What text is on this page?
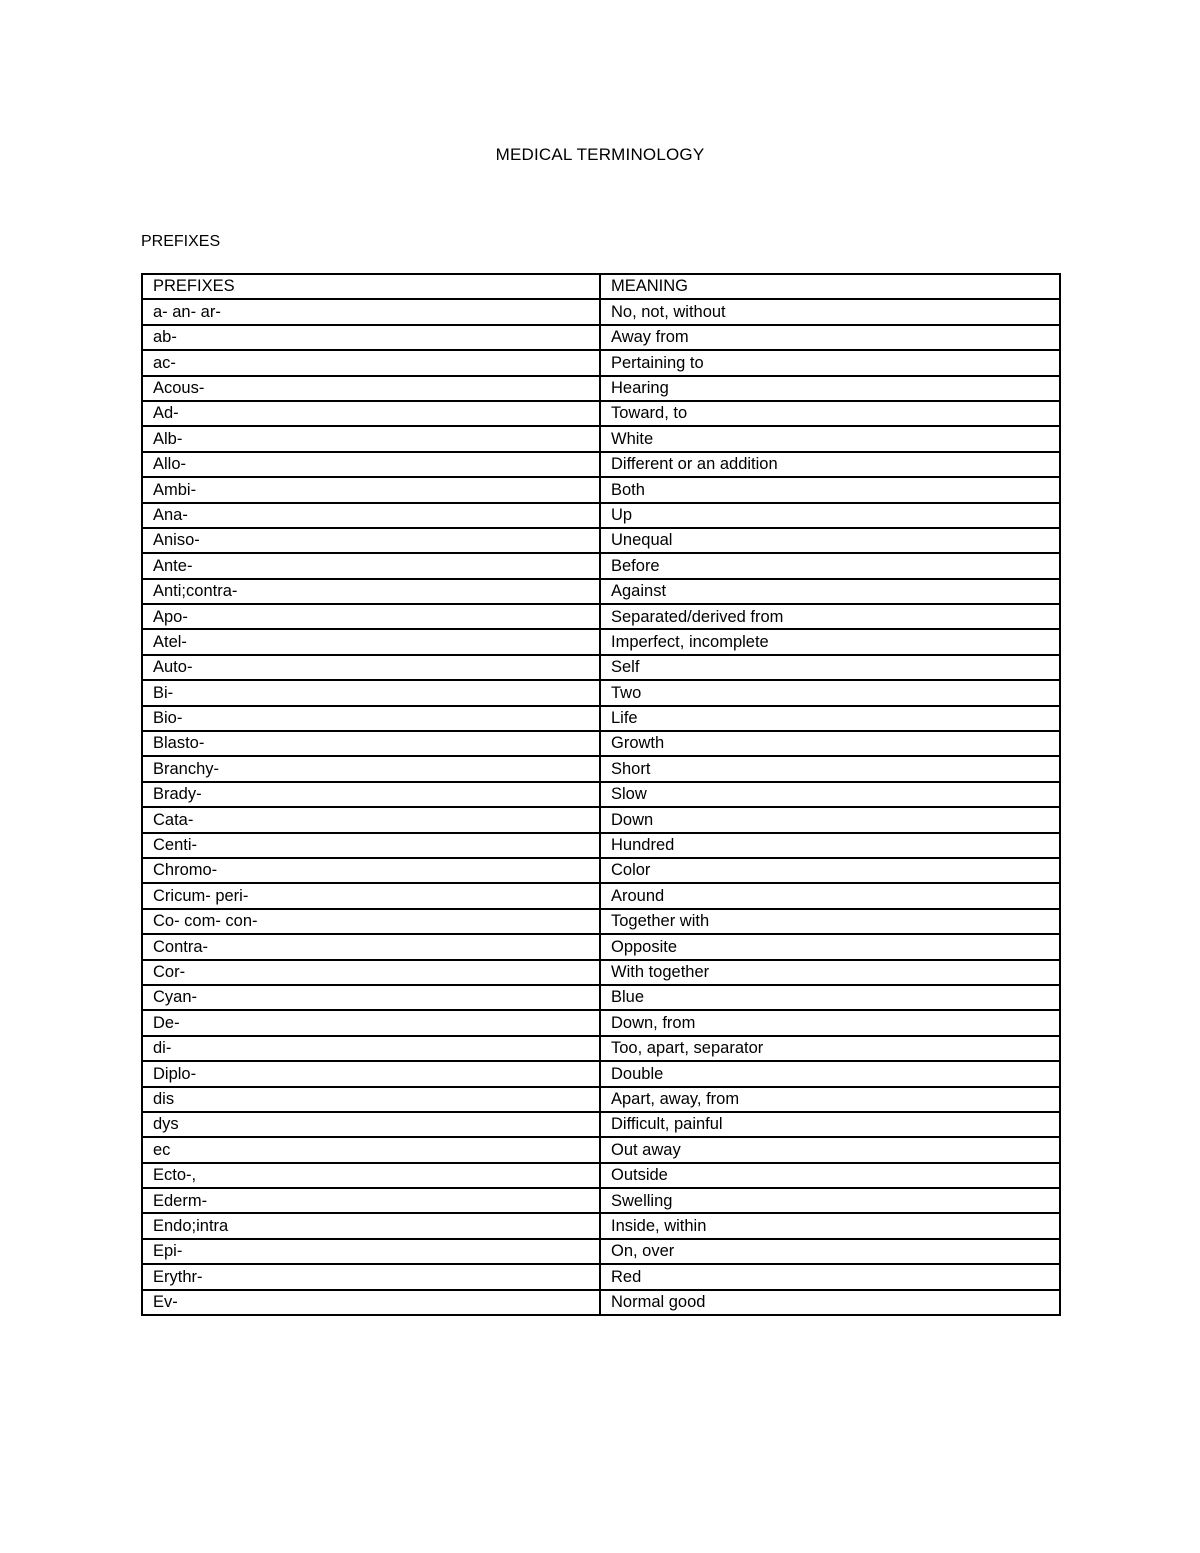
MEDICAL TERMINOLOGY
PREFIXES
PREFIXES	MEANING
a- an- ar-	No, not, without
ab-	Away from
ac-	Pertaining to
Acous-	Hearing
Ad-	Toward, to
Alb-	White
Allo-	Different or an addition
Ambi-	Both
Ana-	Up
Aniso-	Unequal
Ante-	Before
Anti;contra-	Against
Apo-	Separated/derived from
Atel-	Imperfect, incomplete
Auto-	Self
Bi-	Two
Bio-	Life
Blasto-	Growth
Branchy-	Short
Brady-	Slow
Cata-	Down
Centi-	Hundred
Chromo-	Color
Cricum- peri-	Around
Co- com- con-	Together with
Contra-	Opposite
Cor-	With together
Cyan-	Blue
De-	Down, from
di-	Too, apart, separator
Diplo-	Double
dis	Apart, away, from
dys	Difficult, painful
ec	Out away
Ecto-,	Outside
Ederm-	Swelling
Endo;intra	Inside, within
Epi-	On, over
Erythr-	Red
Ev-	Normal good
